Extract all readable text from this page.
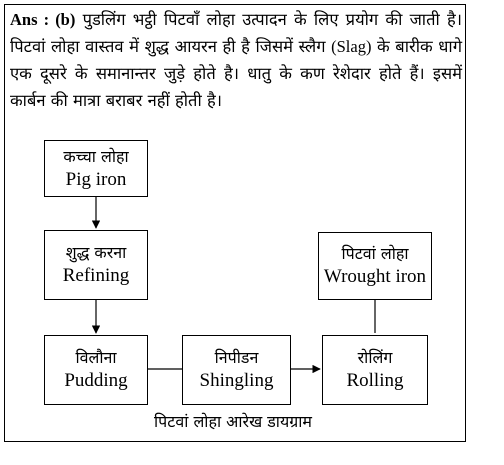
Ans : (b) पुडलिंग भट्ठी पिटवाँ लोहा उत्पादन के लिए प्रयोग की जाती है। पिटवां लोहा वास्तव में शुद्ध आयरन ही है जिसमें स्लैग (Slag) के बारीक धागे एक दूसरे के समानान्तर जुड़े होते है। धातु के कण रेशेदार होते हैं। इसमें कार्बन की मात्रा बराबर नहीं होती है।
कच्चा लोहा
Pig iron
शुद्ध करना
Refining
विलौना
Pudding
निपीडन
Shingling
रोलिंग
Rolling
पिटवां लोहा
Wrought iron
पिटवां लोहा आरेख डायग्राम
